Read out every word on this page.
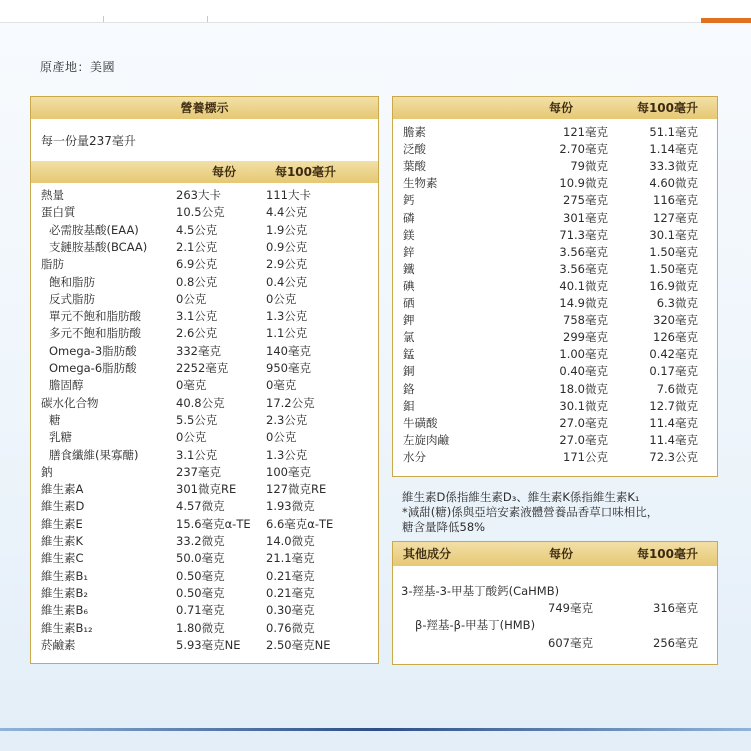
原產地：美國
營養標示
每一份量237毫升
每份	每100毫升
熱量	263大卡	111大卡
蛋白質	10.5公克	4.4公克
必需胺基酸(EAA)	4.5公克	1.9公克
支鏈胺基酸(BCAA)	2.1公克	0.9公克
脂肪	6.9公克	2.9公克
飽和脂肪	0.8公克	0.4公克
反式脂肪	0公克	0公克
單元不飽和脂肪酸	3.1公克	1.3公克
多元不飽和脂肪酸	2.6公克	1.1公克
Omega-3脂肪酸	332毫克	140毫克
Omega-6脂肪酸	2252毫克	950毫克
膽固醇	0毫克	0毫克
碳水化合物	40.8公克	17.2公克
糖	5.5公克	2.3公克
乳糖	0公克	0公克
膳食纖維(果寡醣)	3.1公克	1.3公克
鈉	237毫克	100毫克
維生素A	301微克RE	127微克RE
維生素D	4.57微克	1.93微克
維生素E	15.6毫克α-TE	6.6毫克α-TE
維生素K	33.2微克	14.0微克
維生素C	50.0毫克	21.1毫克
維生素B₁	0.50毫克	0.21毫克
維生素B₂	0.50毫克	0.21毫克
維生素B₆	0.71毫克	0.30毫克
維生素B₁₂	1.80微克	0.76微克
菸鹼素	5.93毫克NE	2.50毫克NE
每份	每100毫升
膽素	121毫克	51.1毫克
泛酸	2.70毫克	1.14毫克
葉酸	79微克	33.3微克
生物素	10.9微克	4.60微克
鈣	275毫克	116毫克
磷	301毫克	127毫克
鎂	71.3毫克	30.1毫克
鋅	3.56毫克	1.50毫克
鐵	3.56毫克	1.50毫克
碘	40.1微克	16.9微克
硒	14.9微克	6.3微克
鉀	758毫克	320毫克
氯	299毫克	126毫克
錳	1.00毫克	0.42毫克
銅	0.40毫克	0.17毫克
鉻	18.0微克	7.6微克
鉬	30.1微克	12.7微克
牛磺酸	27.0毫克	11.4毫克
左旋肉鹼	27.0毫克	11.4毫克
水分	171公克	72.3公克
維生素D係指維生素D₃、維生素K係指維生素K₁
*減甜(糖)係與亞培安素液體營養品香草口味相比，
糖含量降低58%
其他成分	每份	每100毫升
3-羥基-3-甲基丁酸鈣(CaHMB)
749毫克	316毫克
β-羥基-β-甲基丁(HMB)
607毫克	256毫克
